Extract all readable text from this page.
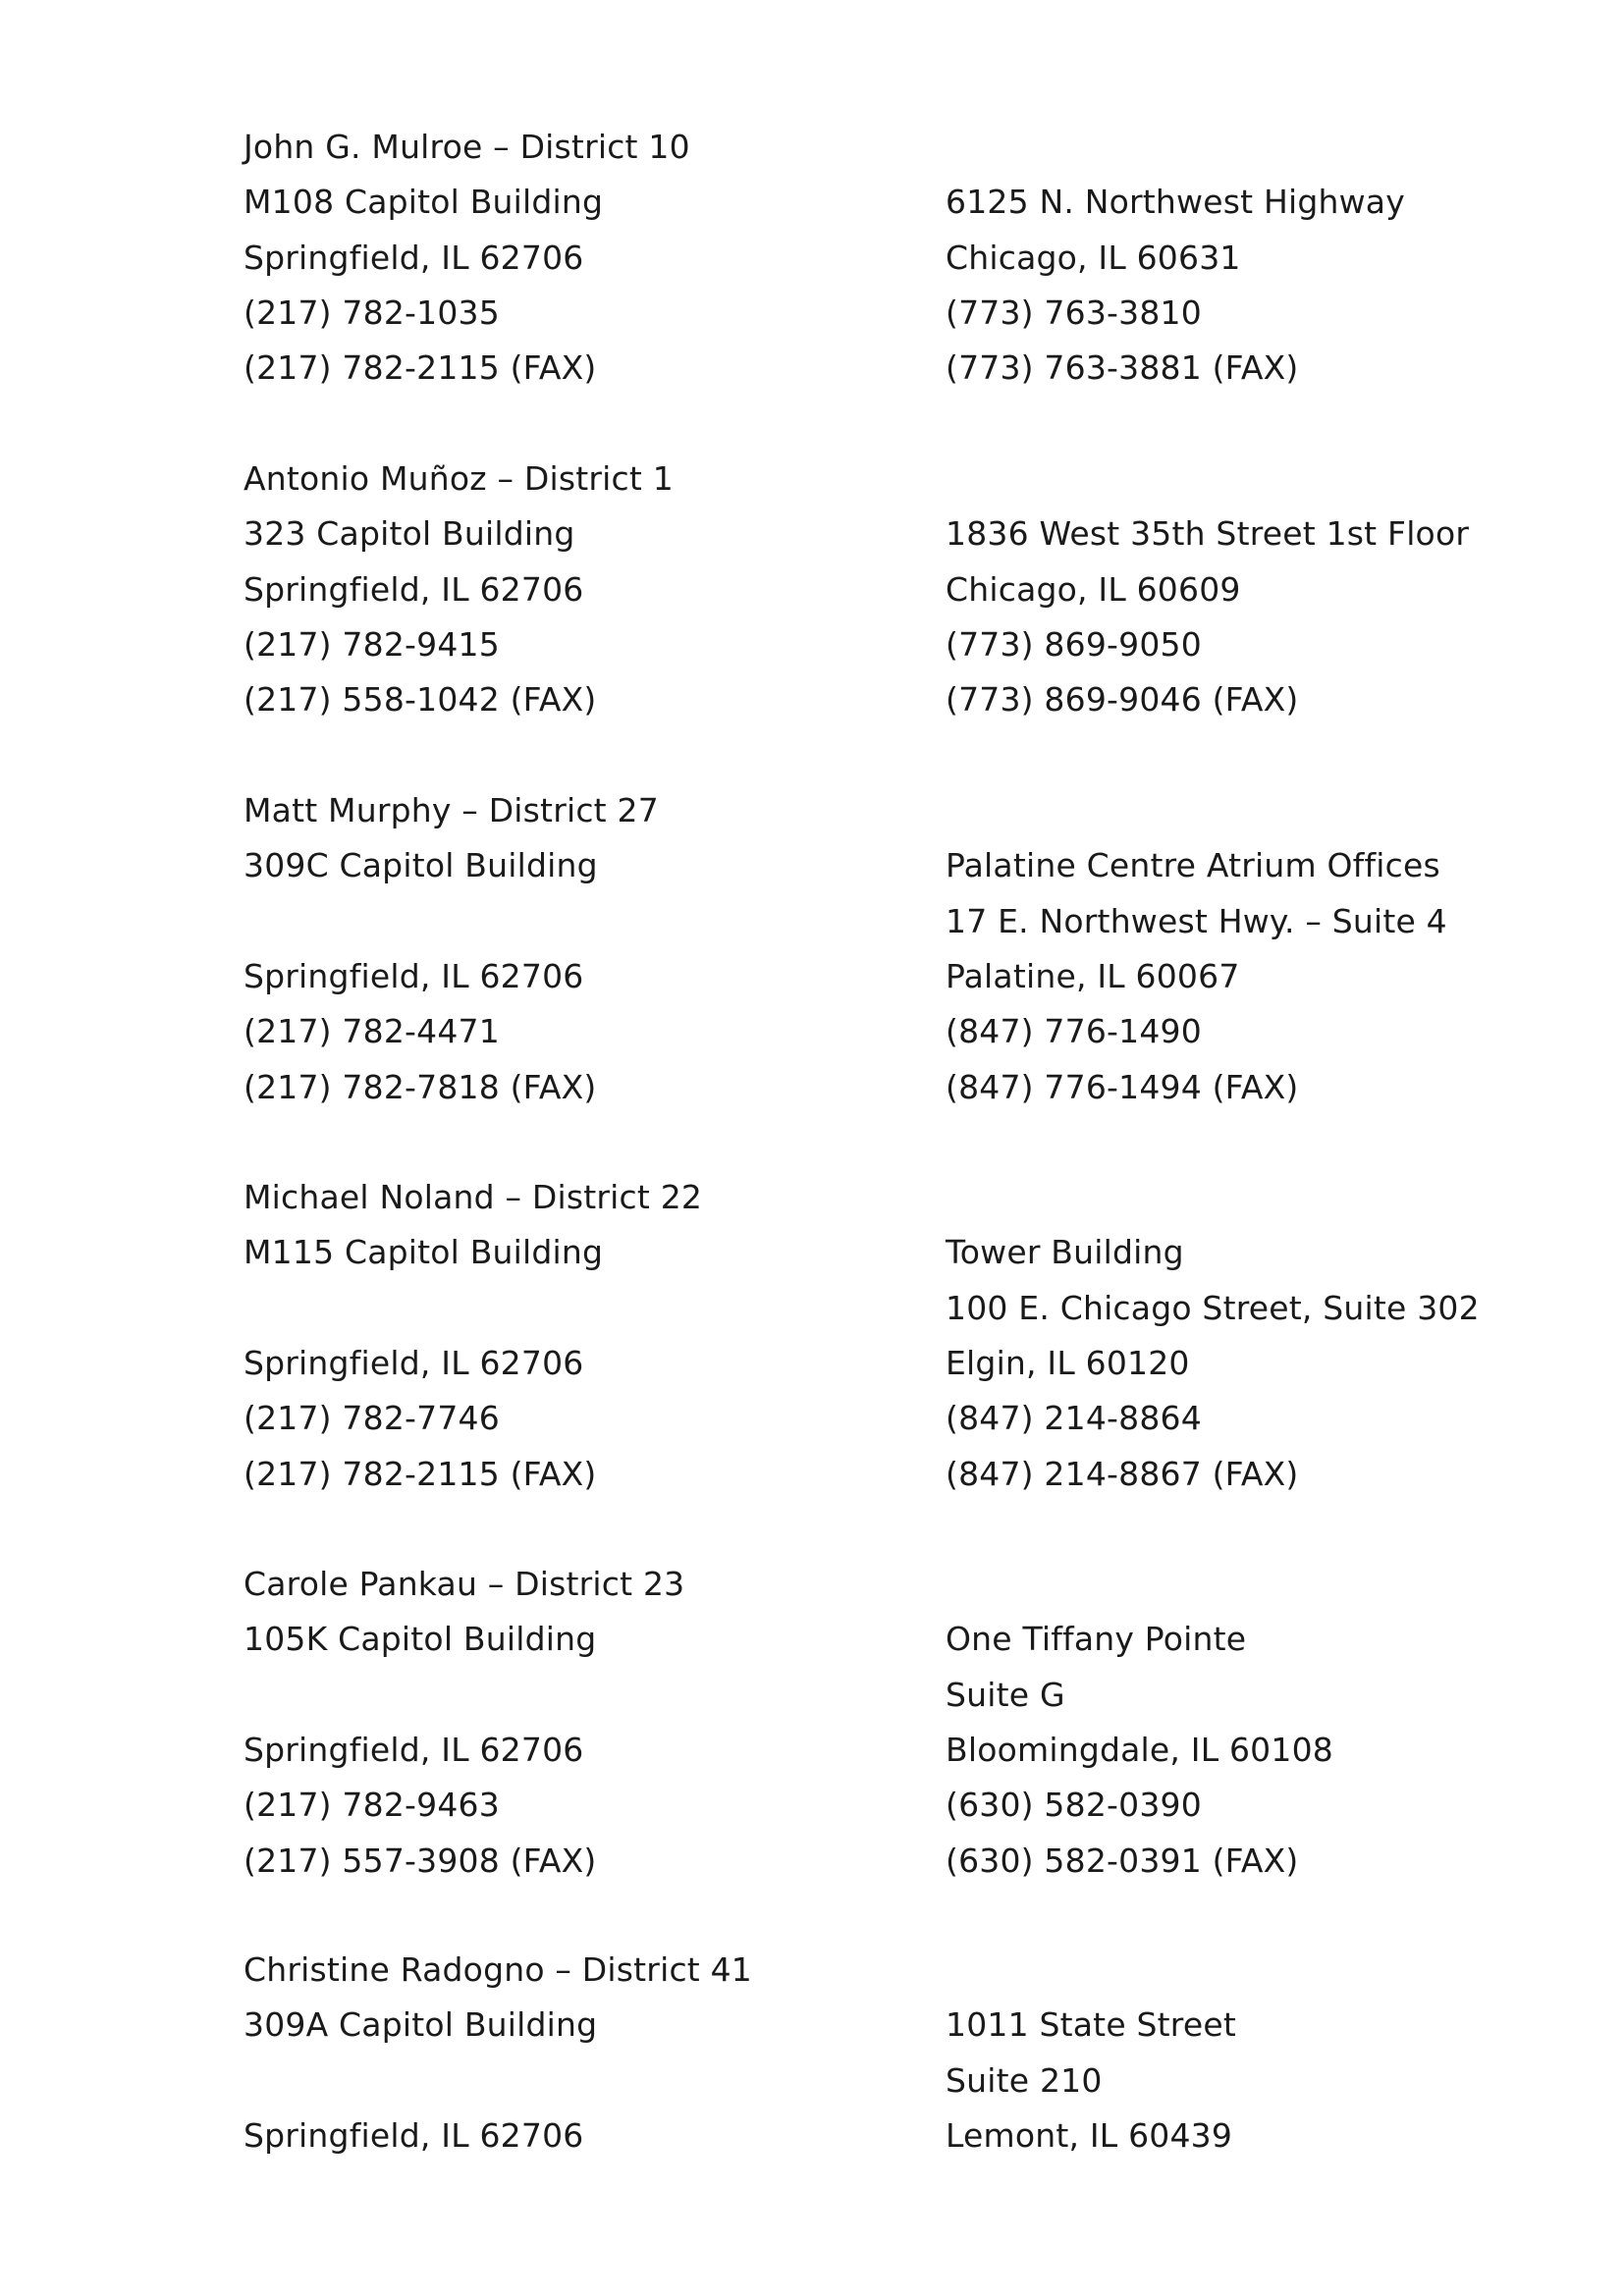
John G. Mulroe – District 10
M108 Capitol Building
Springfield, IL 62706
(217) 782-1035
(217) 782-2115 (FAX)
6125 N. Northwest Highway
Chicago, IL 60631
(773) 763-3810
(773) 763-3881 (FAX)
Antonio Muñoz – District 1
323 Capitol Building
Springfield, IL 62706
(217) 782-9415
(217) 558-1042 (FAX)
1836 West 35th Street 1st Floor
Chicago, IL 60609
(773) 869-9050
(773) 869-9046 (FAX)
Matt Murphy – District 27
309C Capitol Building
Springfield, IL 62706
(217) 782-4471
(217) 782-7818 (FAX)
Palatine Centre Atrium Offices
17 E. Northwest Hwy. – Suite 4
Palatine, IL 60067
(847) 776-1490
(847) 776-1494 (FAX)
Michael Noland – District 22
M115 Capitol Building
Springfield, IL 62706
(217) 782-7746
(217) 782-2115 (FAX)
Tower Building
100 E. Chicago Street, Suite 302
Elgin, IL 60120
(847) 214-8864
(847) 214-8867 (FAX)
Carole Pankau – District 23
105K Capitol Building
Springfield, IL 62706
(217) 782-9463
(217) 557-3908 (FAX)
One Tiffany Pointe
Suite G
Bloomingdale, IL 60108
(630) 582-0390
(630) 582-0391 (FAX)
Christine Radogno – District 41
309A Capitol Building
Springfield, IL 62706
1011 State Street
Suite 210
Lemont, IL 60439
